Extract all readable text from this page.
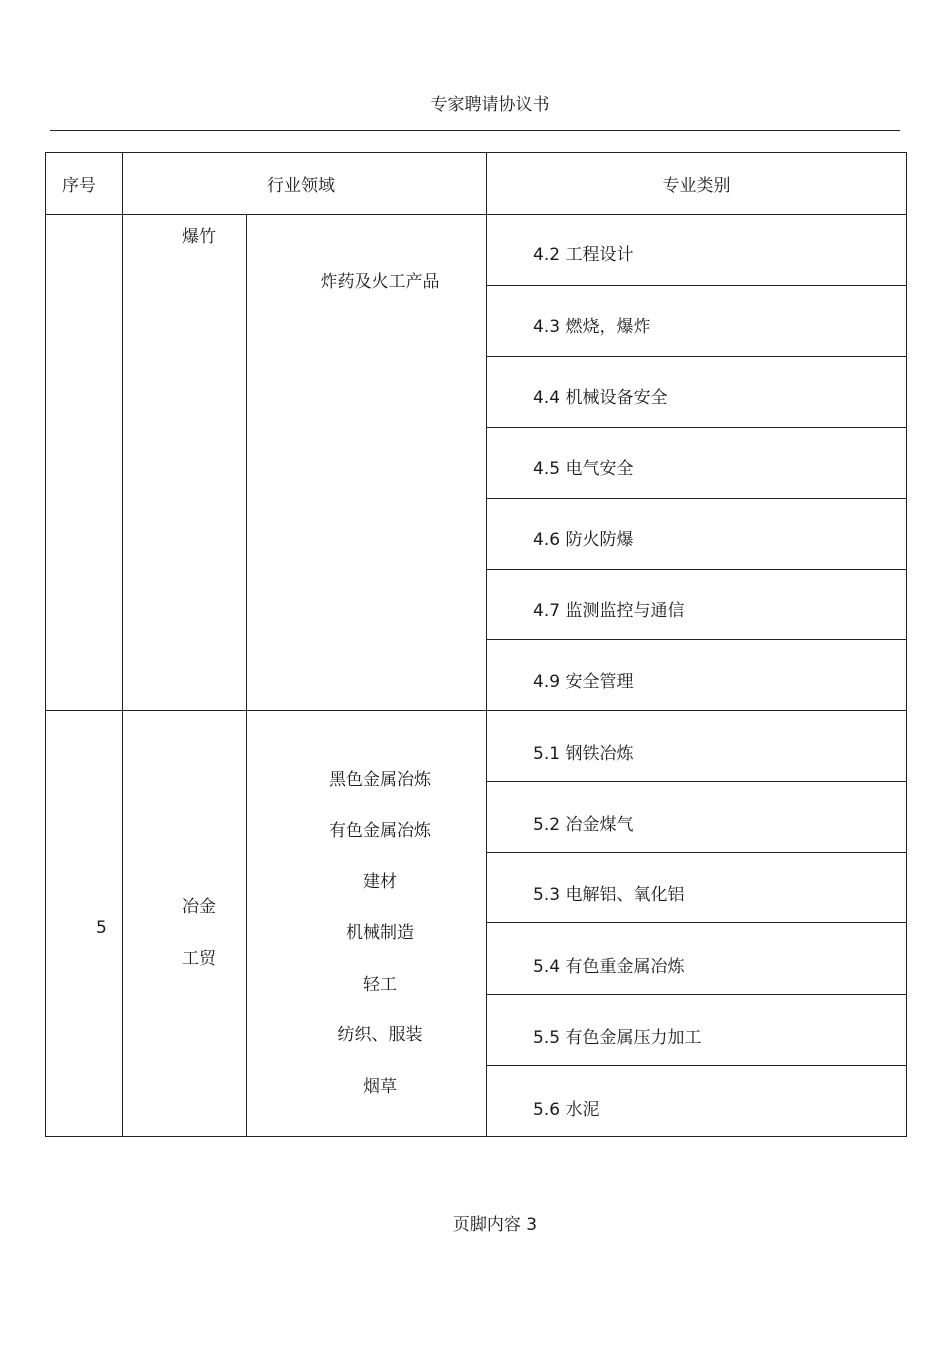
专家聘请协议书
序号	行业领域	专业类别
爆竹
炸药及火工产品
4.2 工程设计
4.3 燃烧，爆炸
4.4 机械设备安全
4.5 电气安全
4.6 防火防爆
4.7 监测监控与通信
4.9 安全管理
5
冶金
工贸
黑色金属冶炼
有色金属冶炼
建材
机械制造
轻工
纺织、服装
烟草
5.1 钢铁冶炼
5.2 冶金煤气
5.3 电解铝、氧化铝
5.4 有色重金属冶炼
5.5 有色金属压力加工
5.6 水泥
页脚内容 3
